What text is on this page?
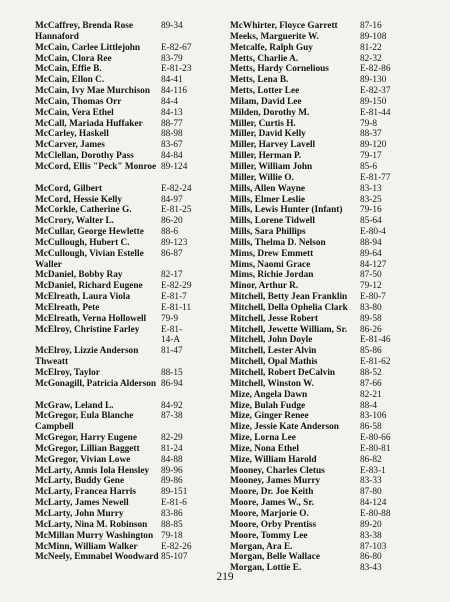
McCaffrey, Brenda Rose Hannaford
89-34
McCain, Carlee Littlejohn	E-82-67
McCain, Clora Ree	83-79
McCain, Effie B.	E-81-23
McCain, Ellon C.	84-41
McCain, Ivy Mae Murchison	84-116
McCain, Thomas Orr	84-4
McCain, Vera Ethel	84-13
McCall, Mariada Huffaker	88-77
McCarley, Haskell	88-98
McCarver, James	83-67
McClellan, Dorothy Pass	84-84
McCord, Ellis "Peck" Monroe 89-124
McCord, Gilbert	E-82-24
McCord, Hessie Kelly	84-97
McCorkle, Catherine G.	E-81-25
McCrory, Walter L.	86-20
McCullar, George Hewlette	88-6
McCullough, Hubert C.	89-123
McCullough, Vivian Estelle Waller
86-87
McDaniel, Bobby Ray	82-17
McDaniel, Richard Eugene	E-82-29
McElreath, Laura Viola	E-81-7
McElreath, Pete	E-81-11
McElreath, Verna Hollowell	79-9
McElroy, Christine Farley	E-81-14-A
McElroy, Lizzie Anderson Thweatt
81-47
McElroy, Taylor	88-15
McGonagill, Patricia Alderson 86-94
McGraw, Leland L.	84-92
McGregor, Eula Blanche Campbell
87-38
McGregor, Harry Eugene	82-29
McGregor, Lillian Baggett	81-24
McGregor, Vivian Lowe	84-88
McLarty, Annis Iola Hensley	89-96
McLarty, Buddy Gene	89-86
McLarty, Francea Harris	89-151
McLarty, James Newell	E-81-6
McLarty, John Murry	83-86
McLarty, Nina M. Robinson	88-85
McMillan Murry Washington 79-18
McMinn, William Walker	E-82-26
McNeely, Emmabel Woodward 85-107
McWhirter, Floyce Garrett	87-16
Meeks, Marguerite W.	89-108
Metcalfe, Ralph Guy	81-22
Metts, Charlie A.	82-32
Metts, Hardy Cornelious	E-82-86
Metts, Lena B.	89-130
Metts, Lotter Lee	E-82-37
Milam, David Lee	89-150
Milden, Dorothy M.	E-81-44
Miller, Curtis H.	79-8
Miller, David Kelly	88-37
Miller, Harvey Lavell	89-120
Miller, Herman P.	79-17
Miller, William John	85-6
Miller, Willie O.	E-81-77
Mills, Allen Wayne	83-13
Mills, Elmer Leslie	83-25
Mills, Lewis Hunter (Infant)	79-16
Mills, Lorene Tidwell	85-64
Mills, Sara Phillips	E-80-4
Mills, Thelma D. Nelson	88-94
Mims, Drew Emmett	89-64
Mims, Naomi Grace	84-127
Mims, Richie Jordan	87-50
Minor, Arthur R.	79-12
Mitchell, Betty Jean Franklin	E-80-7
Mitchell, Della Ophelia Clark	83-80
Mitchell, Jesse Robert	89-58
Mitchell, Jewette William, Sr.	86-26
Mitchell, John Doyle	E-81-46
Mitchell, Lester Alvin	85-86
Mitchell, Opal Mathis	E-81-62
Mitchell, Robert DeCalvin	88-52
Mitchell, Winston W.	87-66
Mize, Angela Dawn	82-21
Mize, Bulah Fudge	88-4
Mize, Ginger Renee	83-106
Mize, Jessie Kate Anderson	86-58
Mize, Lorna Lee	E-80-66
Mize, Nona Ethel	E-80-81
Mize, William Harold	86-82
Mooney, Charles Cletus	E-83-1
Mooney, James Murry	83-33
Moore, Dr. Joe Keith	87-80
Moore, James W., Sr.	84-124
Moore, Marjorie O.	E-80-88
Moore, Orby Prentiss	89-20
Moore, Tommy Lee	83-38
Morgan, Ara E.	87-103
Morgan, Belle Wallace	86-80
Morgan, Lottie E.	83-43
219
